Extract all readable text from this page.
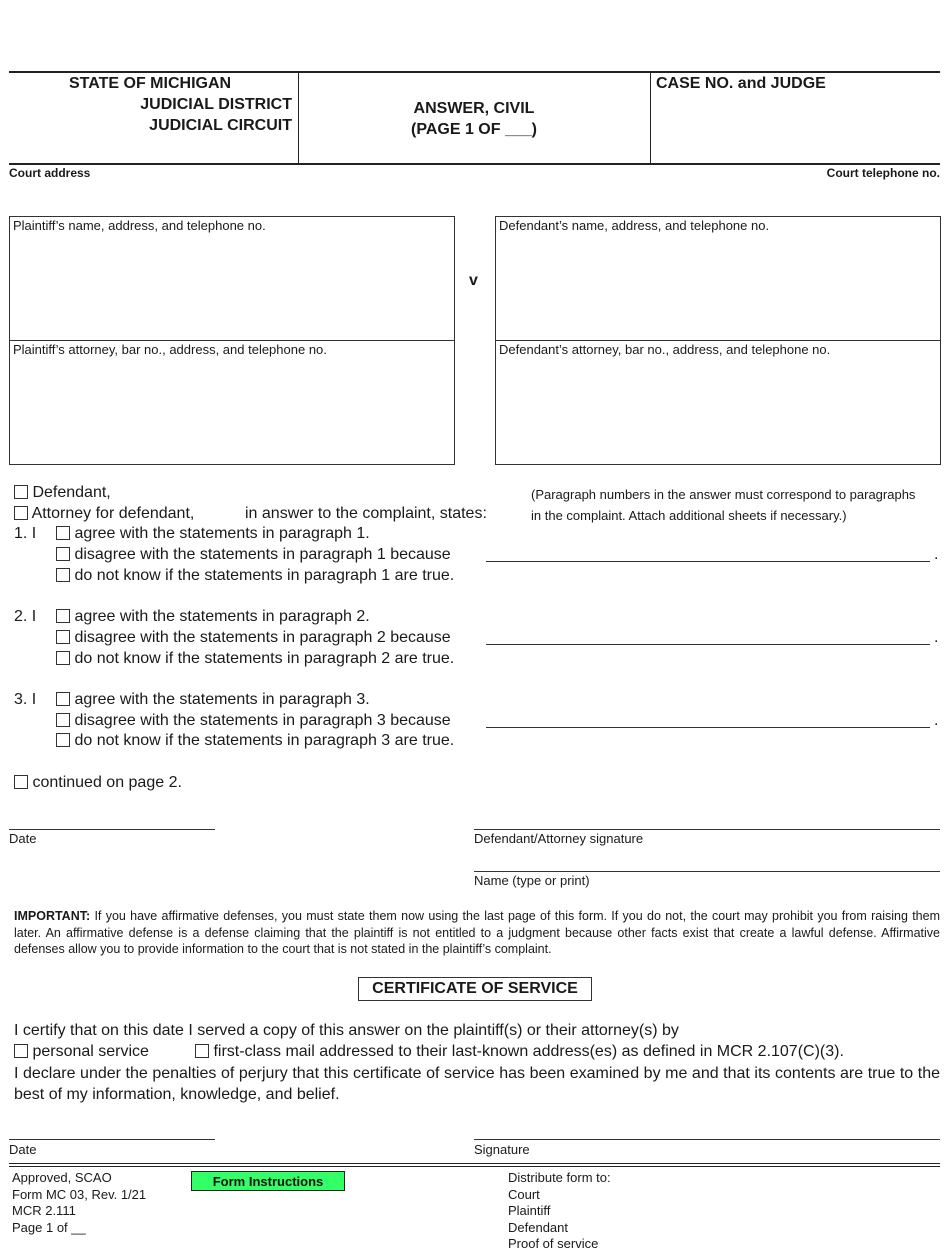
STATE OF MICHIGAN
JUDICIAL DISTRICT
JUDICIAL CIRCUIT
ANSWER, CIVIL
(PAGE 1 OF ___)
CASE NO. and JUDGE
Court address	Court telephone no.
Plaintiff’s name, address, and telephone no.
Plaintiff’s attorney, bar no., address, and telephone no.
v
Defendant’s name, address, and telephone no.
Defendant’s attorney, bar no., address, and telephone no.
Defendant,
Attorney for defendant,	in answer to the complaint, states:
(Paragraph numbers in the answer must correspond to paragraphs
in the complaint. Attach additional sheets if necessary.)
1. I	agree with the statements in paragraph 1.
disagree with the statements in paragraph 1 because	.
do not know if the statements in paragraph 1 are true.
2. I	agree with the statements in paragraph 2.
disagree with the statements in paragraph 2 because	.
do not know if the statements in paragraph 2 are true.
3. I	agree with the statements in paragraph 3.
disagree with the statements in paragraph 3 because	.
do not know if the statements in paragraph 3 are true.
continued on page 2.
Date	Defendant/Attorney signature
Name (type or print)
IMPORTANT: If you have affirmative defenses, you must state them now using the last page of this form. If you do not, the court may prohibit you from raising them later. An affirmative defense is a defense claiming that the plaintiff is not entitled to a judgment because other facts exist that create a lawful defense. Affirmative defenses allow you to provide information to the court that is not stated in the plaintiff’s complaint.
CERTIFICATE OF SERVICE
I certify that on this date I served a copy of this answer on the plaintiff(s) or their attorney(s) by
personal service	first-class mail addressed to their last-known address(es) as defined in MCR 2.107(C)(3).
I declare under the penalties of perjury that this certificate of service has been examined by me and that its contents are true to the best of my information, knowledge, and belief.
Date	Signature
Approved, SCAO
Form MC 03, Rev. 1/21
MCR 2.111
Page 1 of __
Form Instructions	Distribute form to:
Court
Plaintiff
Defendant
Proof of service
